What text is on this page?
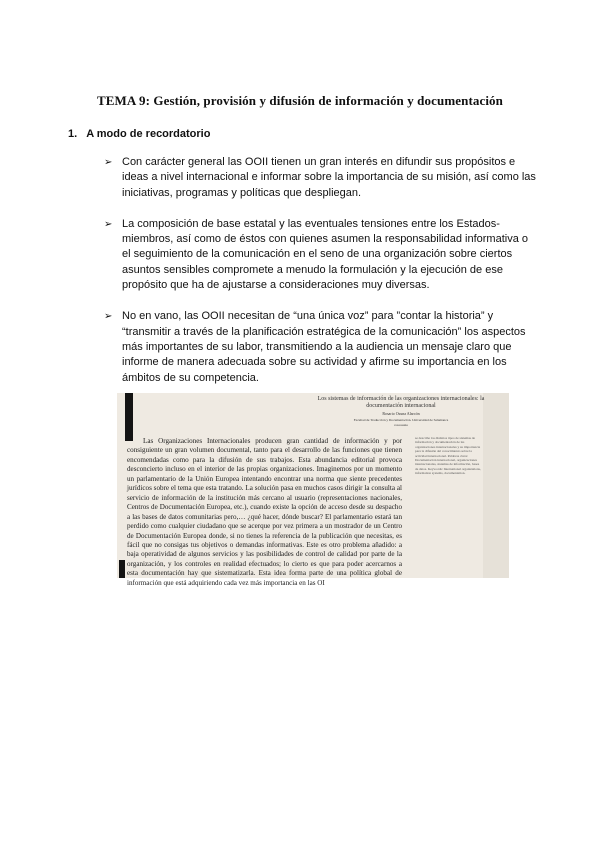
TEMA 9: Gestión, provisión y difusión de información y documentación
1. A modo de recordatorio
➢ Con carácter general las OOII tienen un gran interés en difundir sus propósitos e ideas a nivel internacional e informar sobre la importancia de su misión, así como las iniciativas, programas y políticas que despliegan.
➢ La composición de base estatal y las eventuales tensiones entre los Estados-miembros, así como de éstos con quienes asumen la responsabilidad informativa o el seguimiento de la comunicación en el seno de una organización sobre ciertos asuntos sensibles compromete a menudo la formulación y la ejecución de ese propósito que ha de ajustarse a consideraciones muy diversas.
➢ No en vano, las OOII necesitan de “una única voz” para ”contar la historia” y “transmitir a través de la planificación estratégica de la comunicación” los aspectos más importantes de su labor, transmitiendo a la audiencia un mensaje claro que informe de manera adecuada sobre su actividad y afirme su importancia en los ámbitos de su competencia.
Los sistemas de información de las organizaciones internacionales: la documentación internacional
Rosario Osuna Alarcón
Facultad de Traducción y Documentación. Universidad de Salamanca
rosaosuna

Las Organizaciones Internacionales producen gran cantidad de información y por consiguiente un gran volumen documental, tanto para el desarrollo de las funciones que tienen encomendadas como para la difusión de sus trabajos. Esta abundancia editorial provoca desconcierto incluso en el interior de las propias organizaciones. Imaginemos por un momento un parlamentario de la Unión Europea intentando encontrar una norma que siente precedentes jurídicos sobre el tema que esta tratando. La solución pasa en muchos casos dirigir la consulta al servicio de información de la institución más cercano al usuario (representaciones nacionales, Centros de Documentación Europea, etc.), cuando existe la opción de acceso desde su despacho a las bases de datos comunitarias pero,… ¿qué hacer, dónde buscar? El parlamentario estará tan perdido como cualquier ciudadano que se acerque por vez primera a un mostrador de un Centro de Documentación Europea donde, si no tienes la referencia de la publicación que necesitas, es fácil que no consigas tus objetivos o demandas informativas. Este es otro problema añadido: a baja operatividad de algunos servicios y las posibilidades de control de calidad por parte de la organización, y los controles en realidad efectuados; lo cierto es que para poder acercarnos a esta documentación hay que sistematizarla. Esta idea forma parte de una política global de información que está adquiriendo cada vez más importancia en las OI

se describe los distintos tipos de sistemas de información y documentación de las organizaciones internacionales y su importancia para la difusión del conocimiento sobre la actividad internacional. Palabras clave: Documentación internacional, organizaciones internacionales, sistemas de información, bases de datos. Keywords: International organizations, information systems, documentation.
